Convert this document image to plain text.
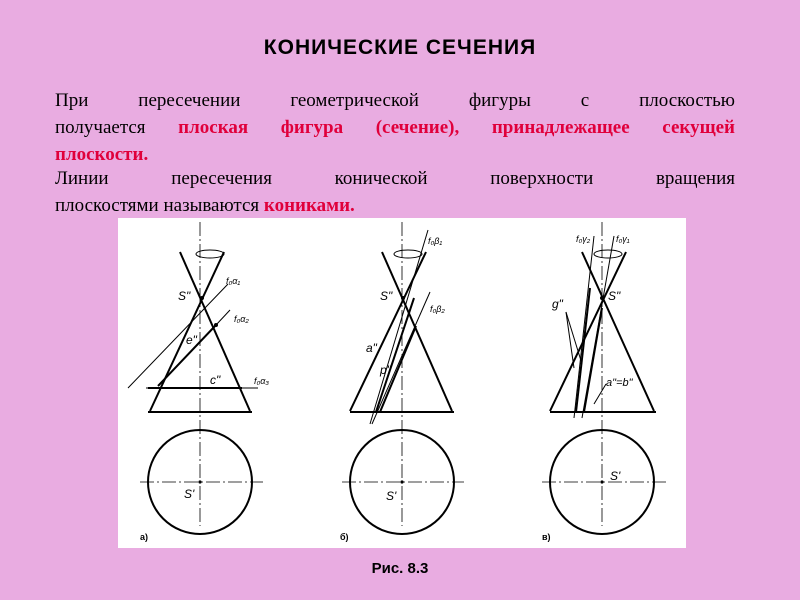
КОНИЧЕСКИЕ СЕЧЕНИЯ
При пересечении геометрической фигуры с плоскостью
получается плоская фигура (сечение), принадлежащее секущей
плоскости.
Линии пересечения конической поверхности вращения
плоскостями называются кониками.
S"
f₀α₁
f₀α₂
f₀α₃
e"
c"
S'
а)
S"
f₀β₁
f₀β₂
a"
p"
S'
б)
S"
f₀γ₂	f₀γ₁
g"
a"=b"
S'
в)
Рис. 8.3
